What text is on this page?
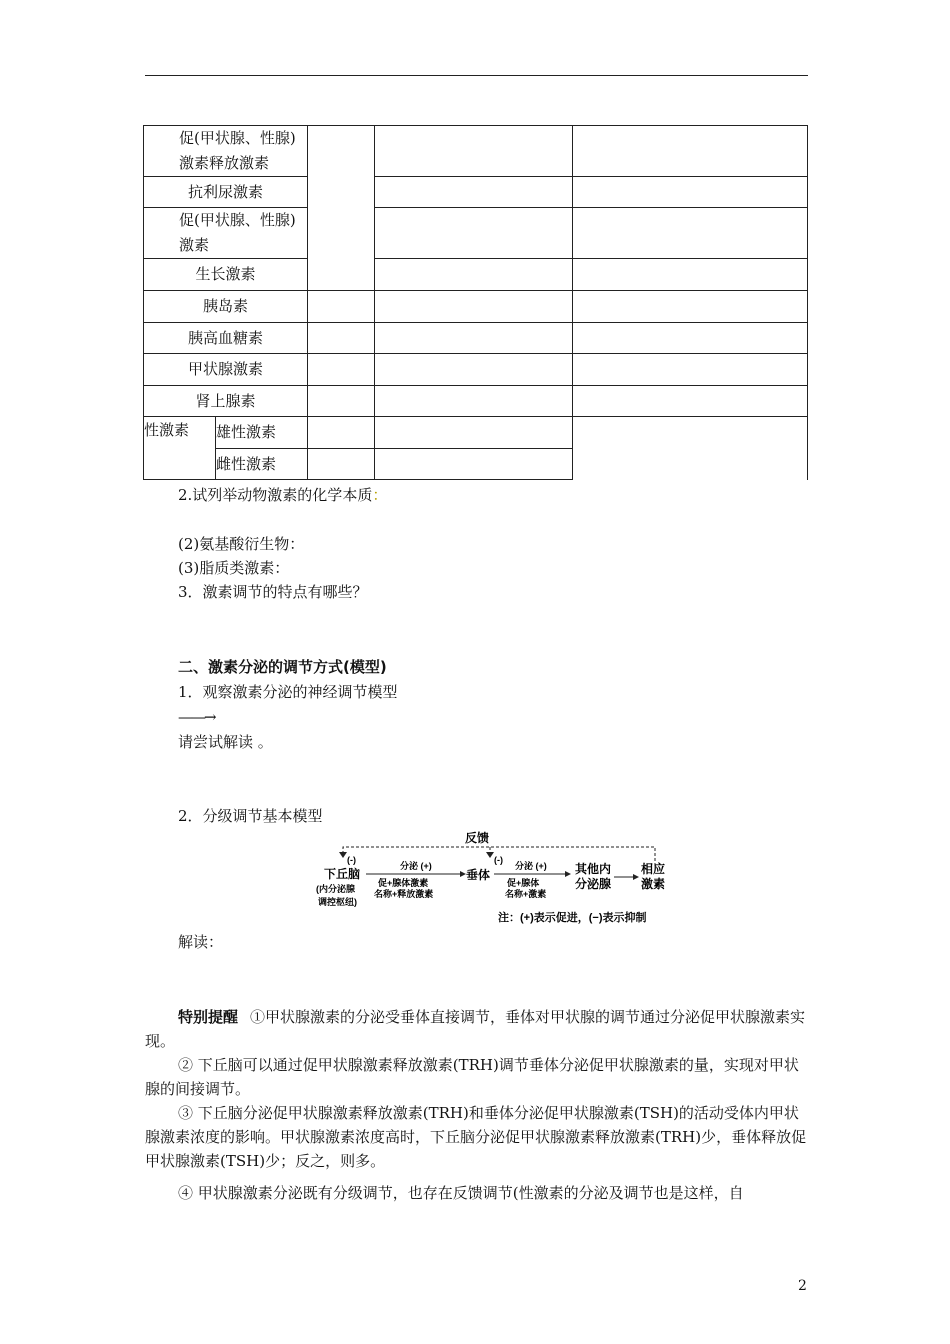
促(甲状腺、性腺)激素释放激素				

抗利尿激素				

促(甲状腺、性腺)激素				

生长激素				
胰岛素				
胰高血糖素				
甲状腺激素				
肾上腺素				
性激素	雄性激素			
	雌性激素			
2.试列举动物激素的化学本质：
(2)氨基酸衍生物：
(3)脂质类激素：
3．激素调节的特点有哪些？
二、激素分泌的调节方式(模型)
1．观察激素分泌的神经调节模型
——→
请尝试解读 。
2．分级调节基本模型
反馈
(-)	(-)
下丘脑
(内分泌腺
调控枢纽)
分泌 (+)
促+腺体激素
名称+释放激素
垂体
分泌 (+)
促+腺体
名称+激素
其他内
分泌腺
相应
激素
注：(+)表示促进，(−)表示抑制
解读：
特别提醒 ①甲状腺激素的分泌受垂体直接调节，垂体对甲状腺的调节通过分泌促甲状腺激素实现。
② 下丘脑可以通过促甲状腺激素释放激素(TRH)调节垂体分泌促甲状腺激素的量，实现对甲状腺的间接调节。
③ 下丘脑分泌促甲状腺激素释放激素(TRH)和垂体分泌促甲状腺激素(TSH)的活动受体内甲状腺激素浓度的影响。甲状腺激素浓度高时，下丘脑分泌促甲状腺激素释放激素(TRH)少，垂体释放促甲状腺激素(TSH)少；反之，则多。
④ 甲状腺激素分泌既有分级调节，也存在反馈调节(性激素的分泌及调节也是这样，自
2
